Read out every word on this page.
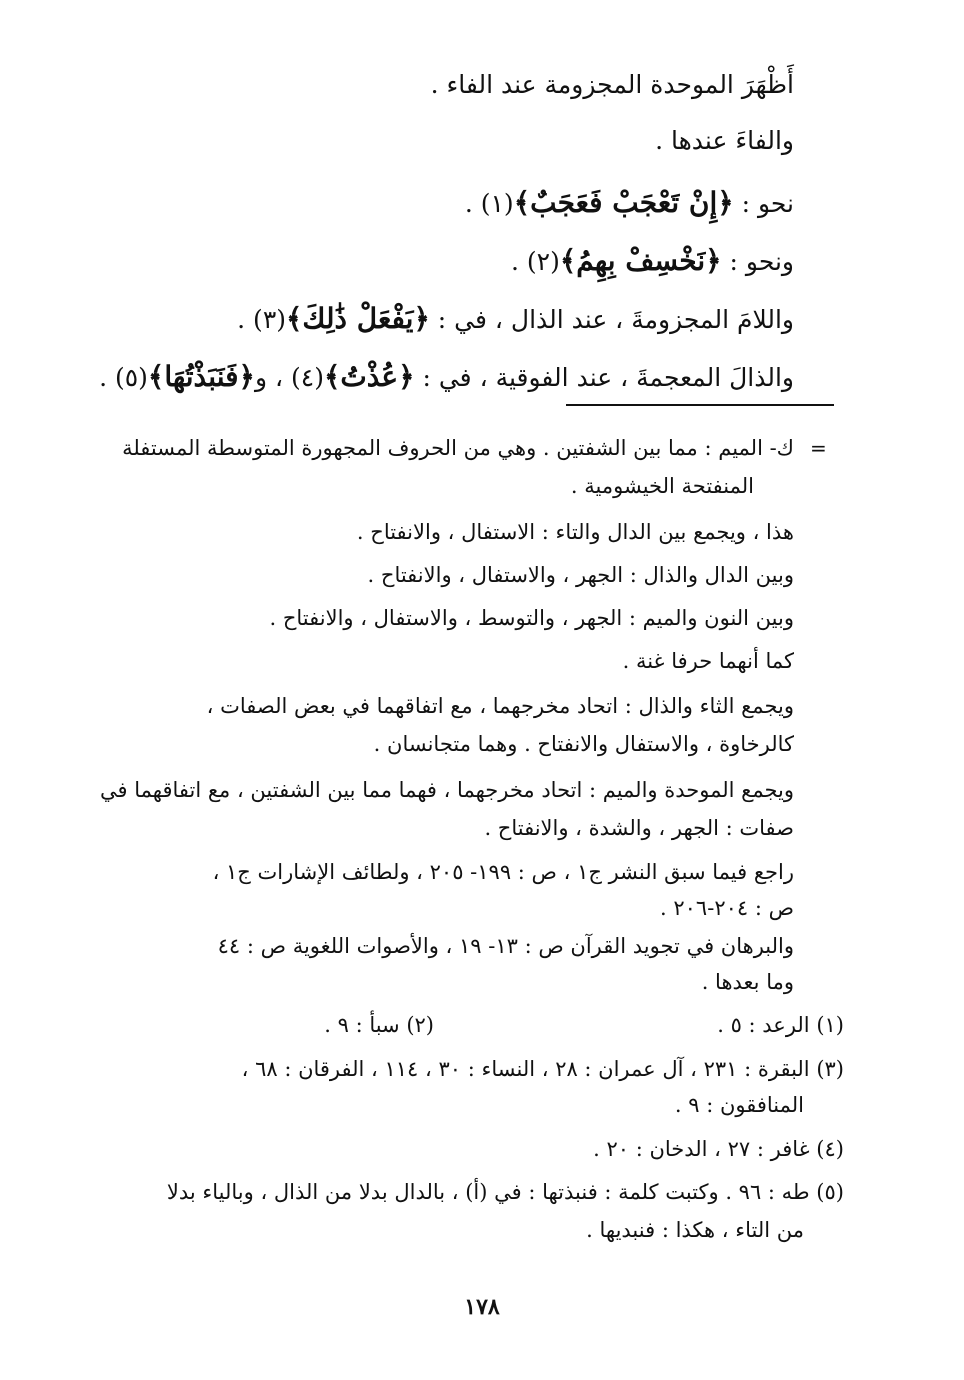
أَظْهَرَ الموحدة المجزومة عند الفاء .
والفاءَ عندها .
نحو : ﴿إِنْ تَعْجَبْ فَعَجَبٌ﴾(١) .
ونحو : ﴿نَخْسِفْ بِهِمُ﴾(٢) .
واللامَ المجزومةَ ، عند الذال ، في : ﴿يَفْعَلْ ذَٰلِكَ﴾(٣) .
والذالَ المعجمةَ ، عند الفوقية ، في : ﴿عُذْتُ﴾(٤) ، و﴿فَنَبَذْتُهَا﴾(٥) .
=
ك- الميم : مما بين الشفتين . وهي من الحروف المجهورة المتوسطة المستفلة
المنفتحة الخيشومية .
هذا ، ويجمع بين الدال والتاء : الاستفال ، والانفتاح .
وبين الدال والذال : الجهر ، والاستفال ، والانفتاح .
وبين النون والميم : الجهر ، والتوسط ، والاستفال ، والانفتاح .
كما أنهما حرفا غنة .
ويجمع الثاء والذال : اتحاد مخرجهما ، مع اتفاقهما في بعض الصفات ،
كالرخاوة ، والاستفال والانفتاح . وهما متجانسان .
ويجمع الموحدة والميم : اتحاد مخرجهما ، فهما مما بين الشفتين ، مع اتفاقهما في
صفات : الجهر ، والشدة ، والانفتاح .
راجع فيما سبق النشر ج١ ، ص : ١٩٩- ٢٠٥ ، ولطائف الإشارات ج١ ،
ص : ٢٠٤-٢٠٦ .
والبرهان في تجويد القرآن ص : ١٣- ١٩ ، والأصوات اللغوية ص : ٤٤
وما بعدها .
(١) الرعد : ٥ .
(٢) سبأ : ٩ .
(٣) البقرة : ٢٣١ ، آل عمران : ٢٨ ، النساء : ٣٠ ، ١١٤ ، الفرقان : ٦٨ ،
المنافقون : ٩ .
(٤) غافر : ٢٧ ، الدخان : ٢٠ .
(٥) طه : ٩٦ . وكتبت كلمة : فنبذتها : في (أ) ، بالدال بدلا من الذال ، وبالياء بدلا
من التاء ، هكذا : فنبديها .
١٧٨
